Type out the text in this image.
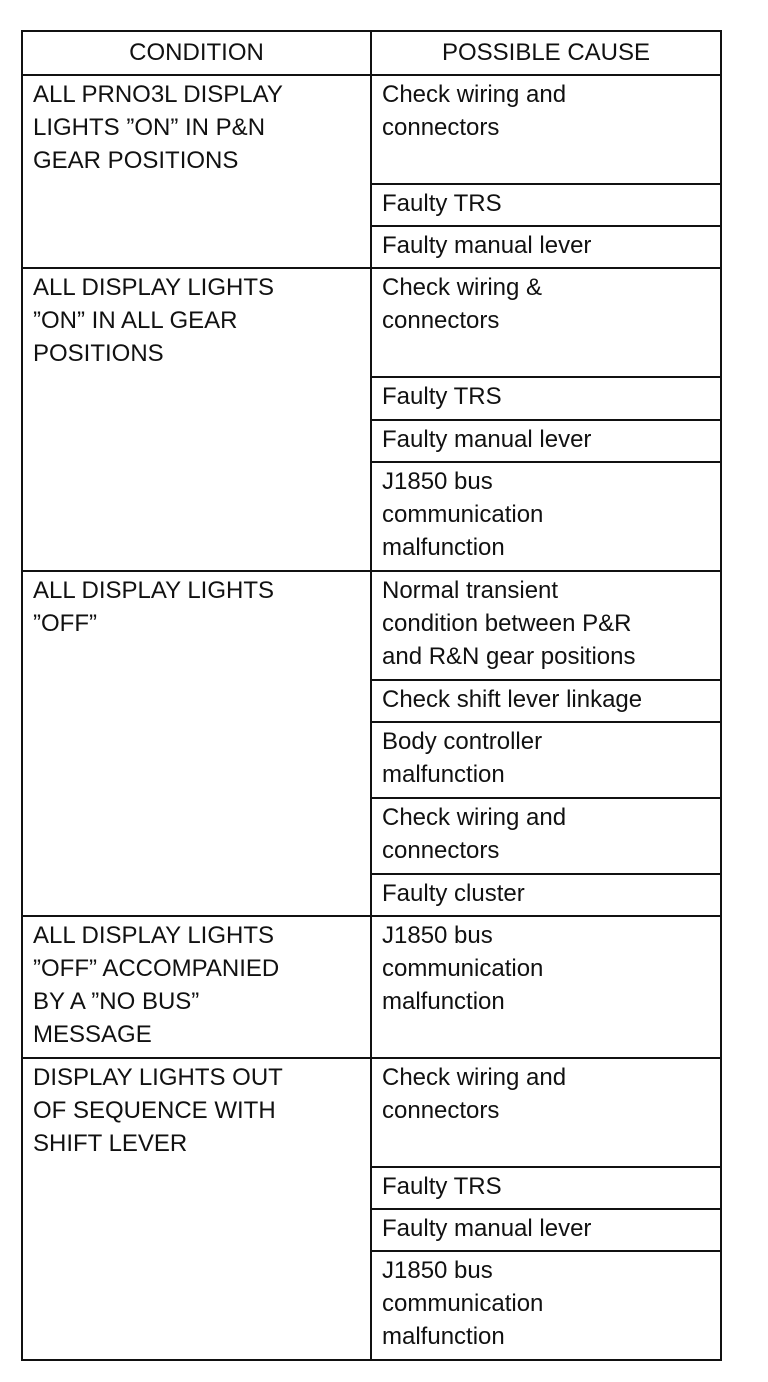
CONDITION	POSSIBLE CAUSE
ALL PRNO3L DISPLAY
LIGHTS ”ON” IN P&N
GEAR POSITIONS	Check wiring and
connectors
	Faulty TRS
	Faulty manual lever
ALL DISPLAY LIGHTS
”ON” IN ALL GEAR
POSITIONS	Check wiring &
connectors
	Faulty TRS
	Faulty manual lever
	J1850 bus
communication
malfunction
ALL DISPLAY LIGHTS
”OFF”	Normal transient
condition between P&R
and R&N gear positions
	Check shift lever linkage
	Body controller
malfunction
	Check wiring and
connectors
	Faulty cluster
ALL DISPLAY LIGHTS
”OFF” ACCOMPANIED
BY A ”NO BUS”
MESSAGE	J1850 bus
communication
malfunction
DISPLAY LIGHTS OUT
OF SEQUENCE WITH
SHIFT LEVER	Check wiring and
connectors
	Faulty TRS
	Faulty manual lever
	J1850 bus
communication
malfunction
